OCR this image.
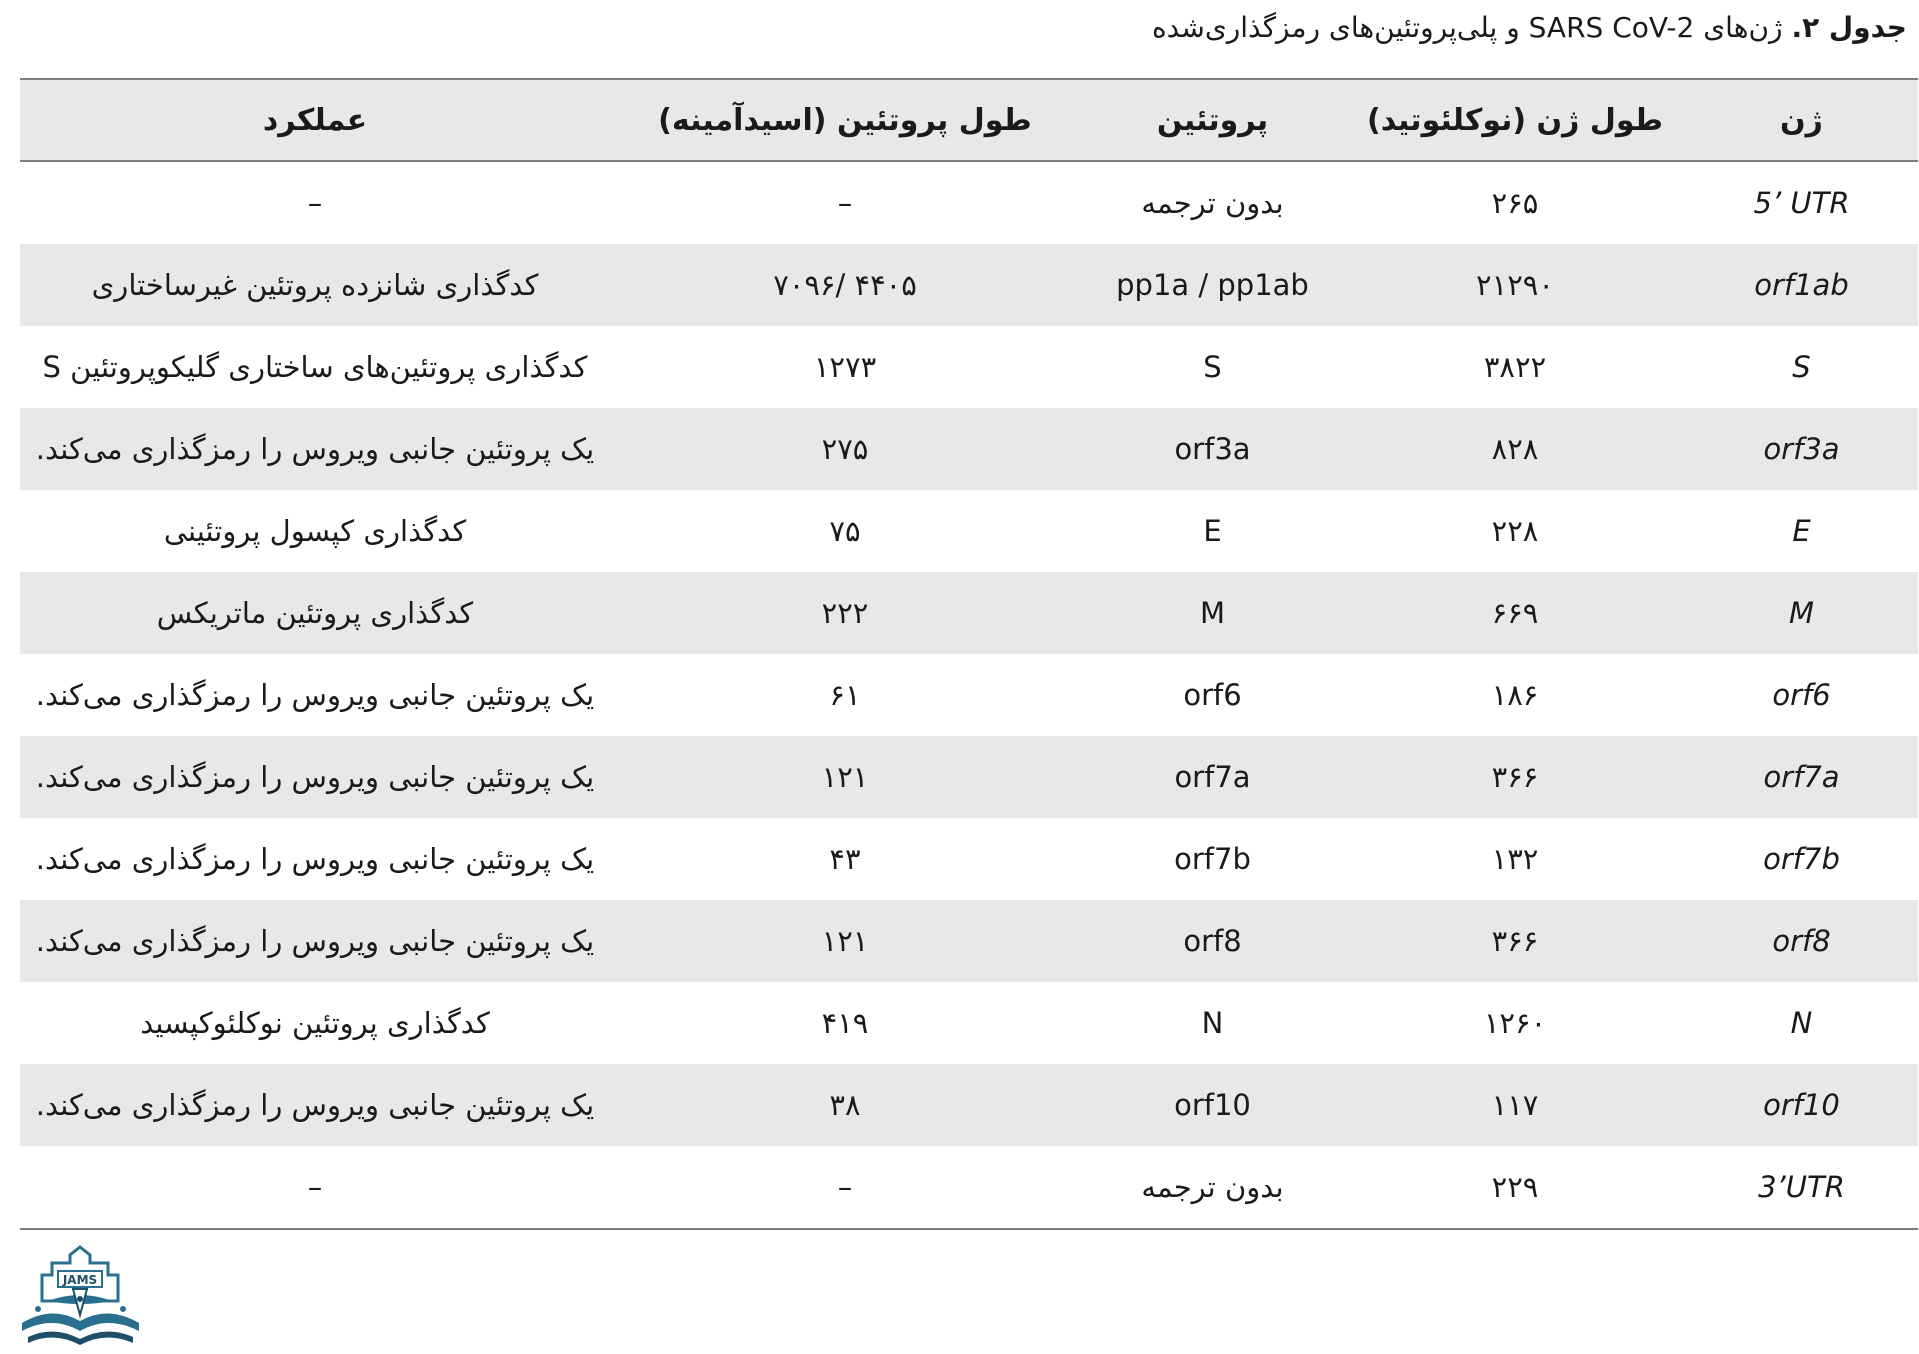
جدول ۲. ژن‌های SARS CoV-2 و پلی‌پروتئین‌های رمزگذاری‌شده
عملکرد	طول پروتئین (اسیدآمینه)	پروتئین	طول ژن (نوکلئوتید)	ژن
–	–	بدون ترجمه	۲۶۵	5’ UTR
کدگذاری شانزده پروتئین غیرساختاری	۴۴۰۵ /۷۰۹۶	pp1a / pp1ab	۲۱۲۹۰	orf1ab
کدگذاری پروتئین‌های ساختاری گلیکوپروتئین S	۱۲۷۳	S	۳۸۲۲	S
یک پروتئین جانبی ویروس را رمزگذاری می‌کند.	۲۷۵	orf3a	۸۲۸	orf3a
کدگذاری کپسول پروتئینی	۷۵	E	۲۲۸	E
کدگذاری پروتئین ماتریکس	۲۲۲	M	۶۶۹	M
یک پروتئین جانبی ویروس را رمزگذاری می‌کند.	۶۱	orf6	۱۸۶	orf6
یک پروتئین جانبی ویروس را رمزگذاری می‌کند.	۱۲۱	orf7a	۳۶۶	orf7a
یک پروتئین جانبی ویروس را رمزگذاری می‌کند.	۴۳	orf7b	۱۳۲	orf7b
یک پروتئین جانبی ویروس را رمزگذاری می‌کند.	۱۲۱	orf8	۳۶۶	orf8
کدگذاری پروتئین نوکلئوکپسید	۴۱۹	N	۱۲۶۰	N
یک پروتئین جانبی ویروس را رمزگذاری می‌کند.	۳۸	orf10	۱۱۷	orf10
–	–	بدون ترجمه	۲۲۹	3’UTR
JAMS
